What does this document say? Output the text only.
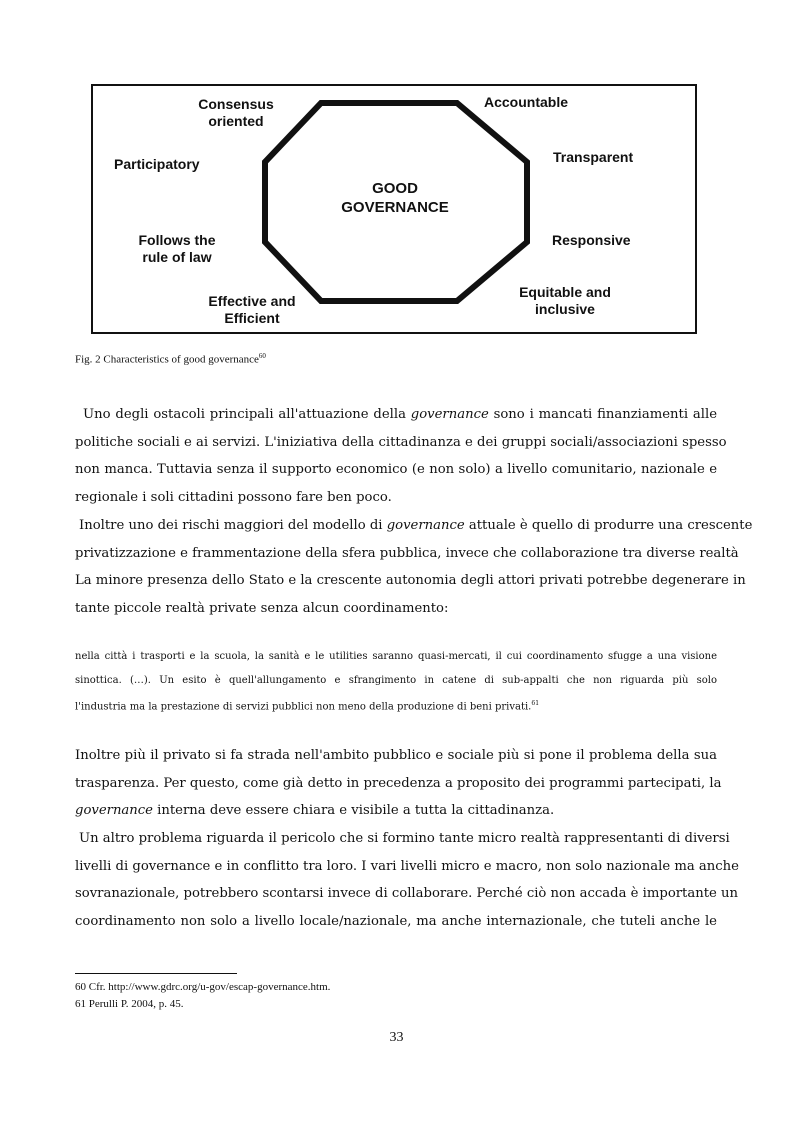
GOOD
GOVERNANCE
Consensus
oriented
Accountable
Participatory	Transparent
Follows the
rule of law
Responsive
Effective and
Efficient
Equitable and
inclusive
Fig. 2 Characteristics of good governance$^{60}$
Uno degli ostacoli principali all'attuazione della governance sono i mancati finanziamenti alle
politiche sociali e ai servizi. L'iniziativa della cittadinanza e dei gruppi sociali/associazioni spesso
non manca. Tuttavia senza il supporto economico (e non solo) a livello comunitario, nazionale e
regionale i soli cittadini possono fare ben poco.
Inoltre uno dei rischi maggiori del modello di governance attuale è quello di produrre una crescente
privatizzazione e frammentazione della sfera pubblica, invece che collaborazione tra diverse realtà
La minore presenza dello Stato e la crescente autonomia degli attori privati potrebbe degenerare in
tante piccole realtà private senza alcun coordinamento:
nella città i trasporti e la scuola, la sanità e le utilities saranno quasi-mercati, il cui coordinamento sfugge a una visione
sinottica. (…). Un esito è quell'allungamento e sfrangimento in catene di sub-appalti che non riguarda più solo
l'industria ma la prestazione di servizi pubblici non meno della produzione di beni privati.$^{61}$
Inoltre più il privato si fa strada nell'ambito pubblico e sociale più si pone il problema della sua
trasparenza. Per questo, come già detto in precedenza a proposito dei programmi partecipati, la
governance interna deve essere chiara e visibile a tutta la cittadinanza.
Un altro problema riguarda il pericolo che si formino tante micro realtà rappresentanti di diversi
livelli di governance e in conflitto tra loro. I vari livelli micro e macro, non solo nazionale ma anche
sovranazionale, potrebbero scontarsi invece di collaborare. Perché ciò non accada è importante un
coordinamento non solo a livello locale/nazionale, ma anche internazionale, che tuteli anche le
60 Cfr. http://www.gdrc.org/u-gov/escap-governance.htm.
61 Perulli P. 2004, p. 45.
33
